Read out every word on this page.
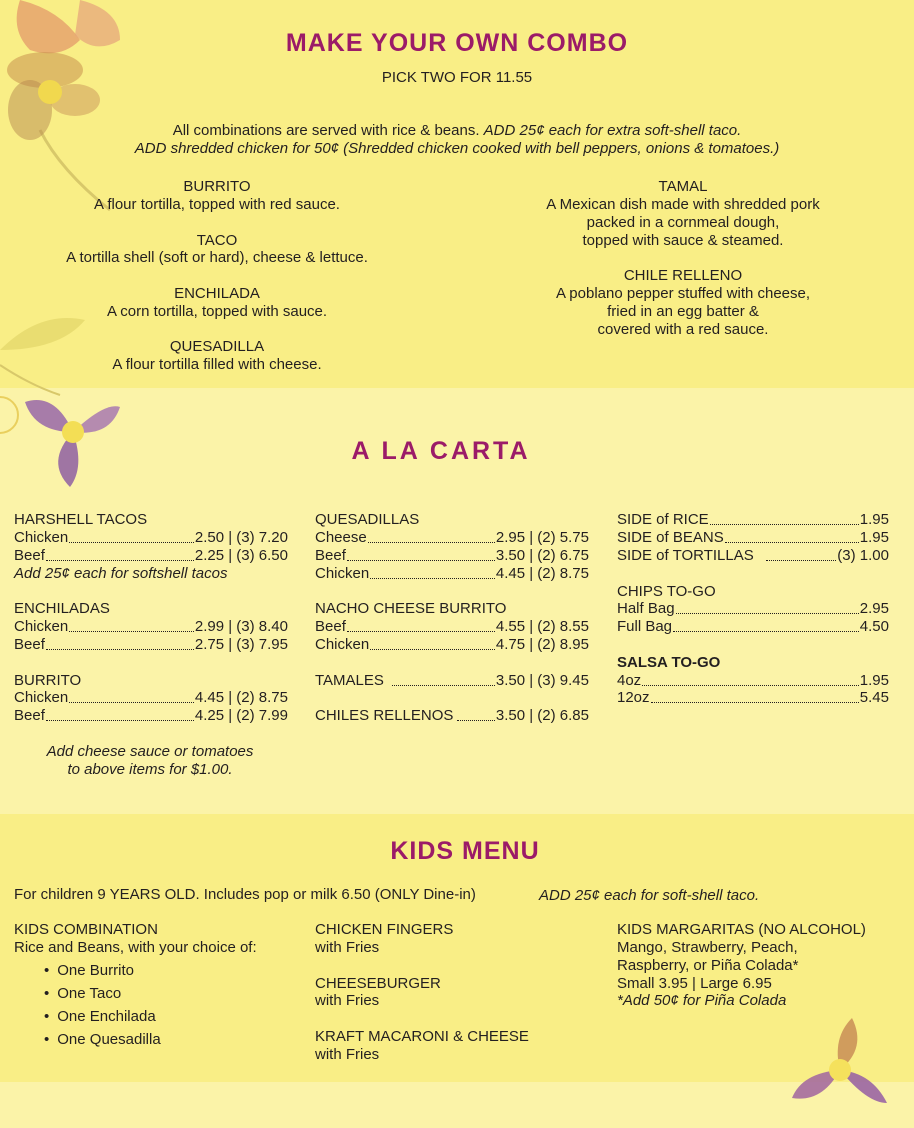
MAKE YOUR OWN COMBO
PICK TWO FOR 11.55
All combinations are served with rice & beans. ADD 25¢ each for extra soft-shell taco.
ADD shredded chicken for 50¢ (Shredded chicken cooked with bell peppers, onions & tomatoes.)
BURRITO
A flour tortilla, topped with red sauce.
TACO
A tortilla shell (soft or hard), cheese & lettuce.
ENCHILADA
A corn tortilla, topped with sauce.
QUESADILLA
A flour tortilla filled with cheese.
TAMAL
A Mexican dish made with shredded pork
packed in a cornmeal dough,
topped with sauce & steamed.
CHILE RELLENO
A poblano pepper stuffed with cheese,
fried in an egg batter &
covered with a red sauce.
A LA CARTA
HARSHELL TACOS
Chicken	2.50 | (3) 7.20
Beef	2.25 | (3) 6.50
Add 25¢ each for softshell tacos
ENCHILADAS
Chicken	2.99 | (3) 8.40
Beef	2.75 | (3) 7.95
BURRITO
Chicken	4.45 | (2) 8.75
Beef	4.25 | (2) 7.99
Add cheese sauce or tomatoes
to above items for $1.00.
QUESADILLAS
Cheese	2.95 | (2) 5.75
Beef	3.50 | (2) 6.75
Chicken	4.45 | (2) 8.75
NACHO CHEESE BURRITO
Beef	4.55 | (2) 8.55
Chicken	4.75 | (2) 8.95
TAMALES	3.50 | (3) 9.45
CHILES RELLENOS	3.50 | (2) 6.85
SIDE of RICE	1.95
SIDE of BEANS	1.95
SIDE of TORTILLAS	(3) 1.00
CHIPS TO-GO
Half Bag	2.95
Full Bag	4.50
SALSA TO-GO
4oz	1.95
12oz	5.45
KIDS MENU
For children 9 YEARS OLD. Includes pop or milk 6.50 (ONLY Dine-in)	ADD 25¢ each for soft-shell taco.
KIDS COMBINATION
Rice and Beans, with your choice of:
• One Burrito
• One Taco
• One Enchilada
• One Quesadilla
CHICKEN FINGERS
with Fries
CHEESEBURGER
with Fries
KRAFT MACARONI & CHEESE
with Fries
KIDS MARGARITAS (NO ALCOHOL)
Mango, Strawberry, Peach,
Raspberry, or Piña Colada*
Small 3.95 | Large 6.95
*Add 50¢ for Piña Colada
